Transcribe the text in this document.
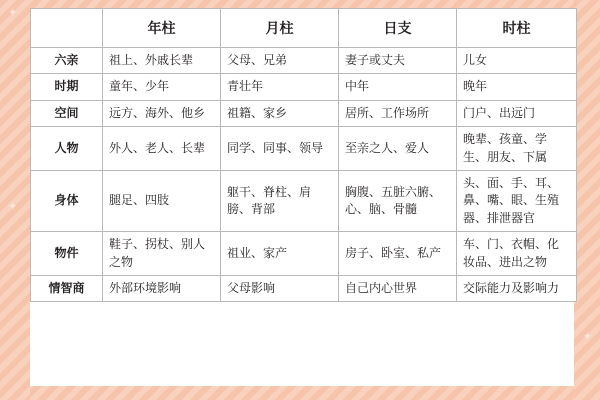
✦
✦
✦
	年柱	月柱	日支	时柱
六亲	祖上、外戚长辈	父母、兄弟	妻子或丈夫	儿女
时期	童年、少年	青壮年	中年	晚年
空间	远方、海外、他乡	祖籍、家乡	居所、工作场所	门户、出远门
人物	外人、老人、长辈	同学、同事、领导	至亲之人、爱人	晚辈、孩童、学生、朋友、下属
身体	腿足、四肢	躯干、脊柱、肩膀、背部	胸腹、五脏六腑、心、脑、骨髓	头、面、手、耳、鼻、嘴、眼、生殖器、排泄器官
物件	鞋子、拐杖、别人之物	祖业、家产	房子、卧室、私产	车、门、衣帽、化妆品、进出之物
情智商	外部环境影响	父母影响	自己内心世界	交际能力及影响力
